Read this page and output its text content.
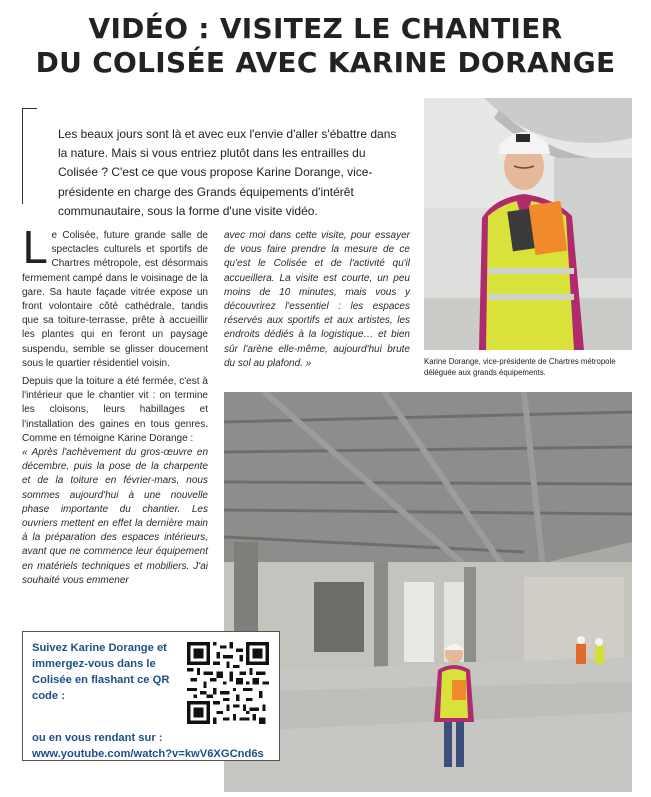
VIDÉO : VISITEZ LE CHANTIER
DU COLISÉE AVEC KARINE DORANGE
Les beaux jours sont là et avec eux l'envie d'aller s'ébattre dans la nature. Mais si vous entriez plutôt dans les entrailles du Colisée ? C'est ce que vous propose Karine Dorange, vice-présidente en charge des Grands équipements d'intérêt communautaire, sous la forme d'une visite vidéo.
Karine Dorange, vice-présidente de Chartres métropole déléguée aux grands équipements.
Le Colisée, future grande salle de spectacles culturels et sportifs de Chartres métropole, est désormais fermement campé dans le voisinage de la gare. Sa haute façade vitrée expose un front volontaire côté cathédrale, tandis que sa toiture-terrasse, prête à accueillir les plantes qui en feront un paysage suspendu, semble se glisser doucement sous le quartier résidentiel voisin.
Depuis que la toiture a été fermée, c'est à l'intérieur que le chantier vit : on termine les cloisons, leurs habillages et l'installation des gaines en tous genres. Comme en témoigne Karine Dorange :
« Après l'achèvement du gros-œuvre en décembre, puis la pose de la charpente et de la toiture en février-mars, nous sommes aujourd'hui à une nouvelle phase importante du chantier. Les ouvriers mettent en effet la dernière main à la préparation des espaces intérieurs, avant que ne commence leur équipement en matériels techniques et mobiliers. J'ai souhaité vous emmener
avec moi dans cette visite, pour essayer de vous faire prendre la mesure de ce qu'est le Colisée et de l'activité qu'il accueillera. La visite est courte, un peu moins de 10 minutes, mais vous y découvrirez l'essentiel : les espaces réservés aux sportifs et aux artistes, les endroits dédiés à la logistique… et bien sûr l'arène elle-même, aujourd'hui brute du sol au plafond. »
Suivez Karine Dorange et immergez-vous dans le Colisée en flashant ce QR code :
ou en vous rendant sur :
www.youtube.com/watch?v=kwV6XGCnd6s
